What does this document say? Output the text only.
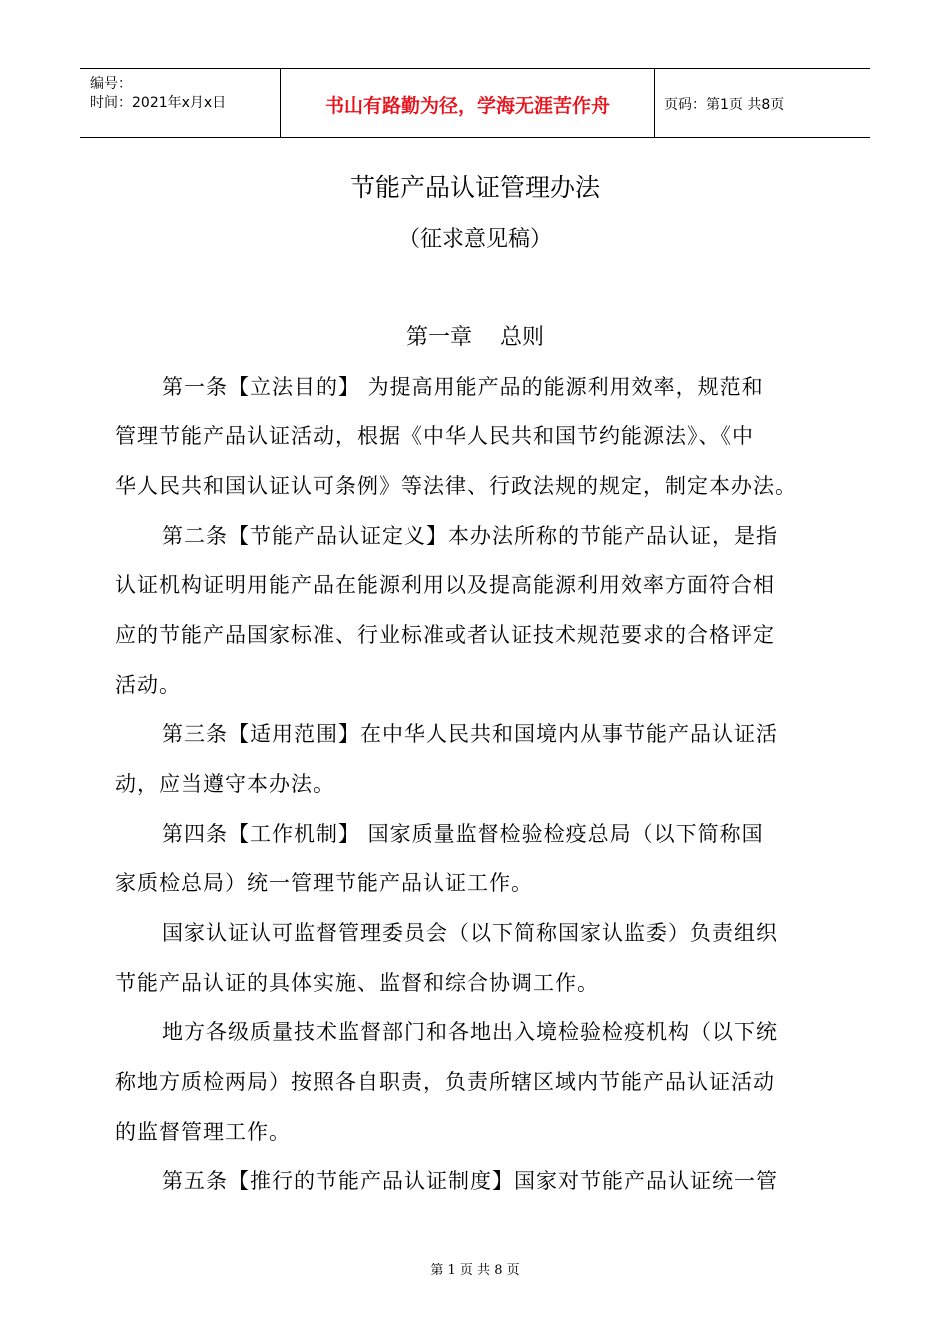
编号：
时间：2021年x月x日	书山有路勤为径，学海无涯苦作舟	页码：第1页 共8页
节能产品认证管理办法
（征求意见稿）
第一章    总则
第一条【立法目的】 为提高用能产品的能源利用效率，规范和
管理节能产品认证活动，根据《中华人民共和国节约能源法》、《中
华人民共和国认证认可条例》等法律、行政法规的规定，制定本办法。
第二条【节能产品认证定义】本办法所称的节能产品认证，是指
认证机构证明用能产品在能源利用以及提高能源利用效率方面符合相
应的节能产品国家标准、行业标准或者认证技术规范要求的合格评定
活动。
第三条【适用范围】在中华人民共和国境内从事节能产品认证活
动，应当遵守本办法。
第四条【工作机制】 国家质量监督检验检疫总局（以下简称国
家质检总局）统一管理节能产品认证工作。
国家认证认可监督管理委员会（以下简称国家认监委）负责组织
节能产品认证的具体实施、监督和综合协调工作。
地方各级质量技术监督部门和各地出入境检验检疫机构（以下统
称地方质检两局）按照各自职责，负责所辖区域内节能产品认证活动
的监督管理工作。
第五条【推行的节能产品认证制度】国家对节能产品认证统一管
第 1 页 共 8 页
